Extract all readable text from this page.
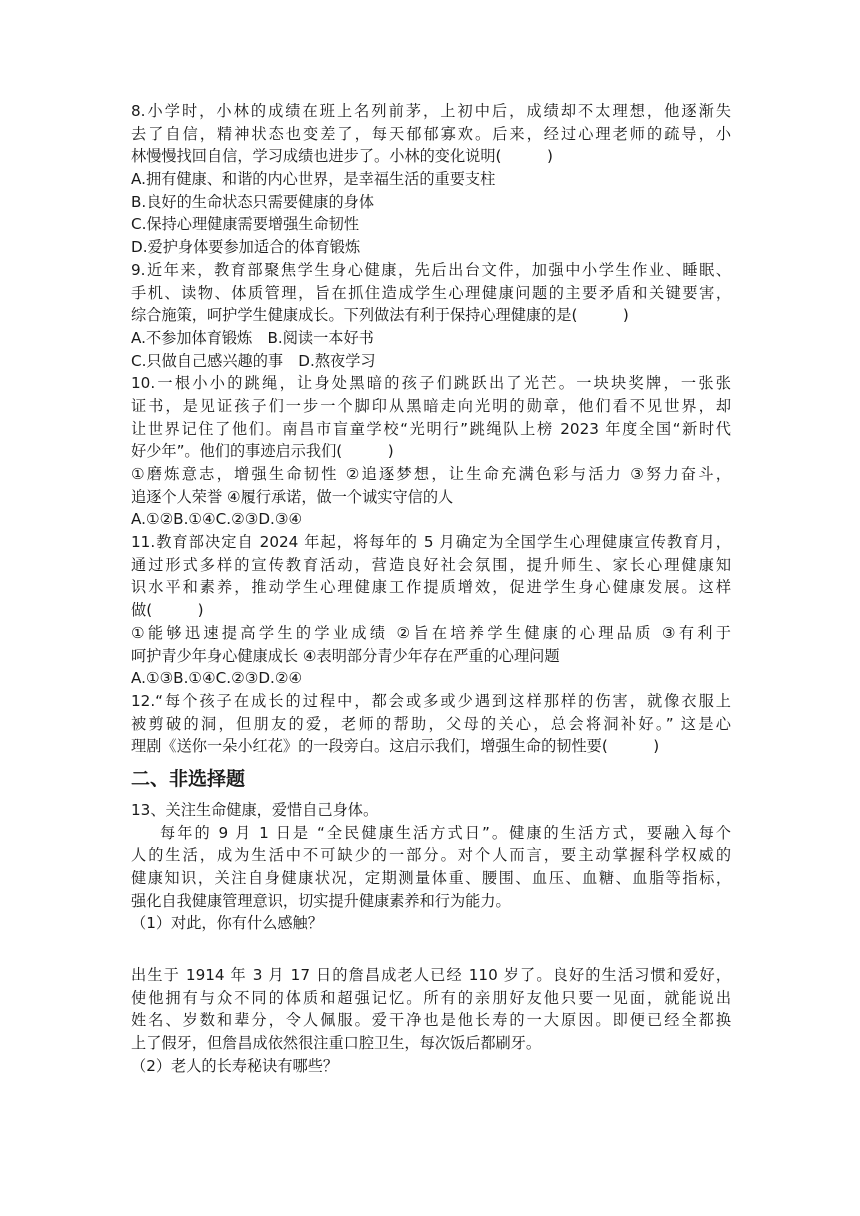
8.小学时，小林的成绩在班上名列前茅，上初中后，成绩却不太理想，他逐渐失

去了自信，精神状态也变差了，每天郁郁寡欢。后来，经过心理老师的疏导，小

林慢慢找回自信，学习成绩也进步了。小林的变化说明(　　　)

A.拥有健康、和谐的内心世界，是幸福生活的重要支柱

B.良好的生命状态只需要健康的身体

C.保持心理健康需要增强生命韧性

D.爱护身体要参加适合的体育锻炼

9.近年来，教育部聚焦学生身心健康，先后出台文件，加强中小学生作业、睡眠、

手机、读物、体质管理，旨在抓住造成学生心理健康问题的主要矛盾和关键要害，

综合施策，呵护学生健康成长。下列做法有利于保持心理健康的是(　　　)

A.不参加体育锻炼　B.阅读一本好书

C.只做自己感兴趣的事　D.熬夜学习

10.一根小小的跳绳，让身处黑暗的孩子们跳跃出了光芒。一块块奖牌，一张张

证书，是见证孩子们一步一个脚印从黑暗走向光明的勋章，他们看不见世界，却

让世界记住了他们。南昌市盲童学校“光明行”跳绳队上榜 2023 年度全国“新时代

好少年”。他们的事迹启示我们(　　　)

①磨炼意志，增强生命韧性 ②追逐梦想，让生命充满色彩与活力 ③努力奋斗，

追逐个人荣誉 ④履行承诺，做一个诚实守信的人

A.①②B.①④C.②③D.③④

11.教育部决定自 2024 年起，将每年的 5 月确定为全国学生心理健康宣传教育月，

通过形式多样的宣传教育活动，营造良好社会氛围，提升师生、家长心理健康知

识水平和素养，推动学生心理健康工作提质增效，促进学生身心健康发展。这样

做(　　　)

①能够迅速提高学生的学业成绩 ②旨在培养学生健康的心理品质 ③有利于

呵护青少年身心健康成长 ④表明部分青少年存在严重的心理问题

A.①③B.①④C.②③D.②④

12.“每个孩子在成长的过程中，都会或多或少遇到这样那样的伤害，就像衣服上

被剪破的洞，但朋友的爱，老师的帮助，父母的关心，总会将洞补好。” 这是心

理剧《送你一朵小红花》的一段旁白。这启示我们，增强生命的韧性要(　　　)

二、非选择题

13、关注生命健康，爱惜自己身体。

每年的 9 月 1 日是 “全民健康生活方式日”。健康的生活方式，要融入每个

人的生活，成为生活中不可缺少的一部分。对个人而言，要主动掌握科学权威的

健康知识，关注自身健康状况，定期测量体重、腰围、血压、血糖、血脂等指标，

强化自我健康管理意识，切实提升健康素养和行为能力。

（1）对此，你有什么感触？

出生于 1914 年 3 月 17 日的詹昌成老人已经 110 岁了。良好的生活习惯和爱好，

使他拥有与众不同的体质和超强记忆。所有的亲朋好友他只要一见面，就能说出

姓名、岁数和辈分，令人佩服。爱干净也是他长寿的一大原因。即便已经全都换

上了假牙，但詹昌成依然很注重口腔卫生，每次饭后都刷牙。

（2）老人的长寿秘诀有哪些？
